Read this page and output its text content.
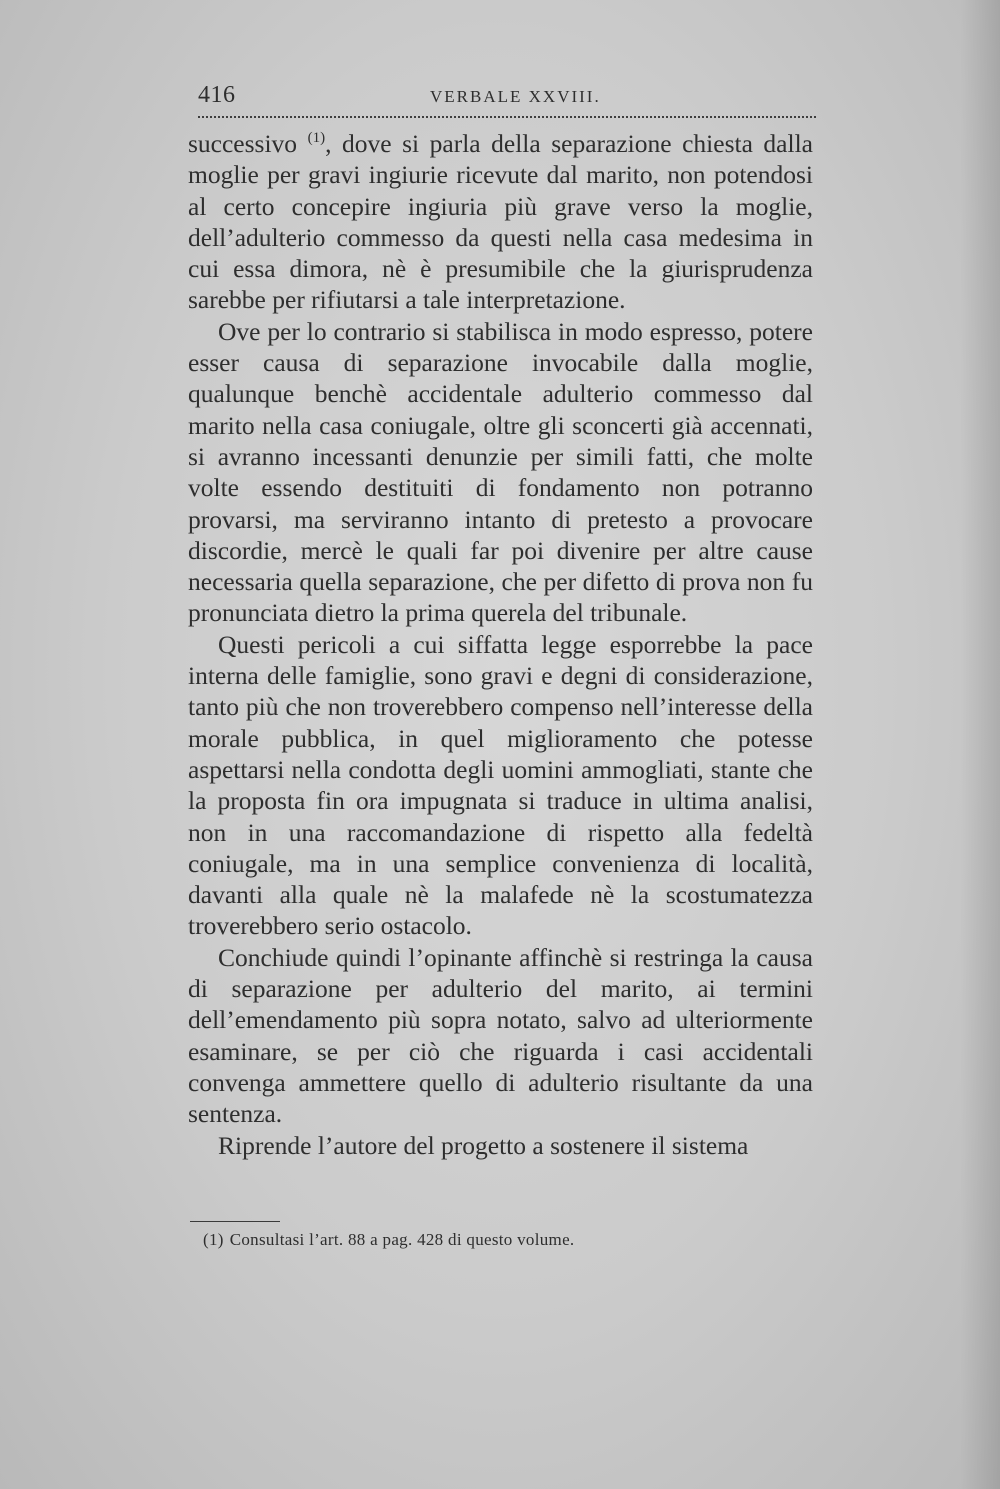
416	VERBALE XXVIII.

successivo $^{(1)}$, dove si parla della separazione chiesta dalla moglie per gravi ingiurie ricevute dal marito, non potendosi al certo concepire ingiuria più grave verso la moglie, dell’adulterio commesso da questi nella casa medesima in cui essa dimora, nè è presumibile che la giurisprudenza sarebbe per rifiutarsi a tale interpretazione.

Ove per lo contrario si stabilisca in modo espresso, potere esser causa di separazione invocabile dalla moglie, qualunque benchè accidentale adulterio commesso dal marito nella casa coniugale, oltre gli sconcerti già accennati, si avranno incessanti denunzie per simili fatti, che molte volte essendo destituiti di fondamento non potranno provarsi, ma serviranno intanto di pretesto a provocare discordie, mercè le quali far poi divenire per altre cause necessaria quella separazione, che per difetto di prova non fu pronunciata dietro la prima querela del tribunale.

Questi pericoli a cui siffatta legge esporrebbe la pace interna delle famiglie, sono gravi e degni di considerazione, tanto più che non troverebbero compenso nell’interesse della morale pubblica, in quel miglioramento che potesse aspettarsi nella condotta degli uomini ammogliati, stante che la proposta fin ora impugnata si traduce in ultima analisi, non in una raccomandazione di rispetto alla fedeltà coniugale, ma in una semplice convenienza di località, davanti alla quale nè la malafede nè la scostumatezza troverebbero serio ostacolo.

Conchiude quindi l’opinante affinchè si restringa la causa di separazione per adulterio del marito, ai termini dell’emendamento più sopra notato, salvo ad ulteriormente esaminare, se per ciò che riguarda i casi accidentali convenga ammettere quello di adulterio risultante da una sentenza.

Riprende l’autore del progetto a sostenere il sistema

(1) Consultasi l’art. 88 a pag. 428 di questo volume.
